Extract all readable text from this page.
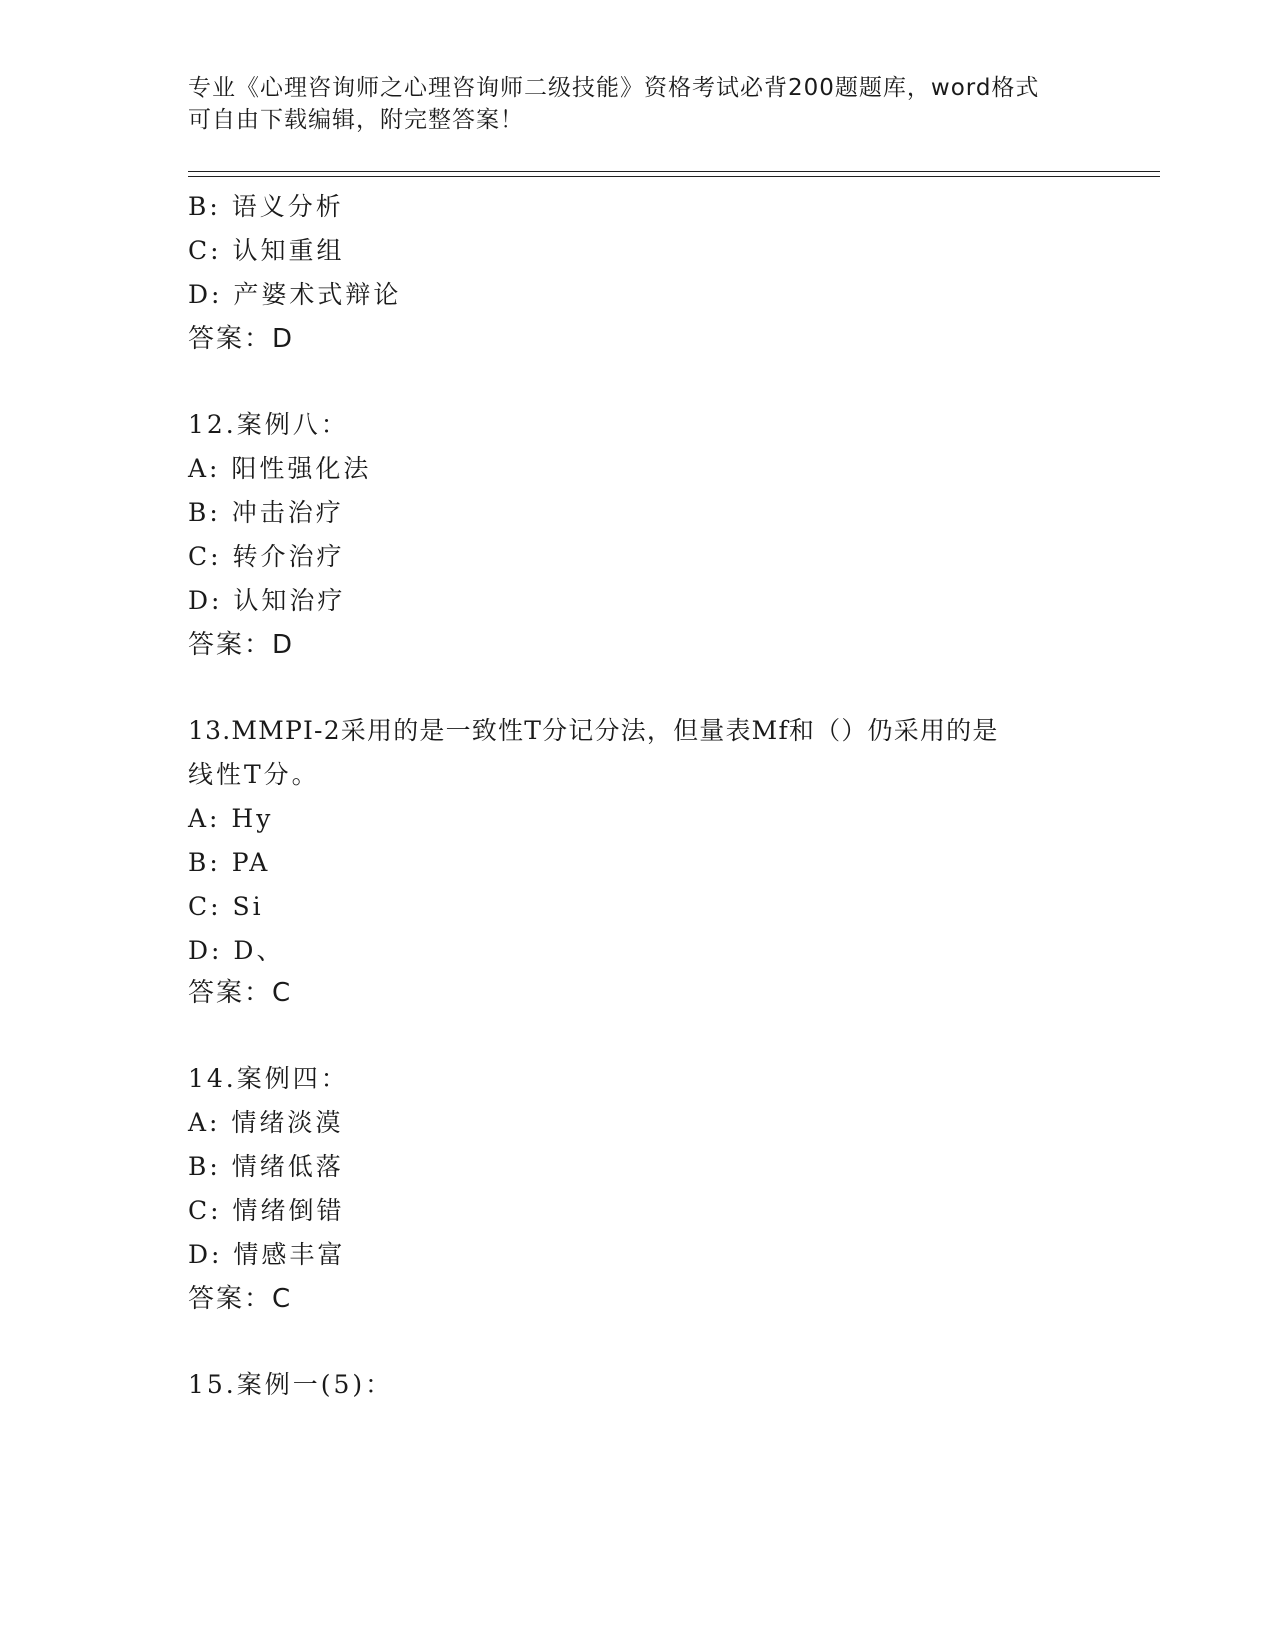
专业《心理咨询师之心理咨询师二级技能》资格考试必背200题题库，word格式
可自由下载编辑，附完整答案！
B: 语义分析
C: 认知重组
D: 产婆术式辩论
答案：D
12.案例八：
A: 阳性强化法
B: 冲击治疗
C: 转介治疗
D: 认知治疗
答案：D
13.MMPI-2采用的是一致性T分记分法，但量表Mf和（）仍采用的是
线性T分。
A: Hy
B: PA
C: Si
D: D、
答案：C
14.案例四：
A: 情绪淡漠
B: 情绪低落
C: 情绪倒错
D: 情感丰富
答案：C
15.案例一(5)：
